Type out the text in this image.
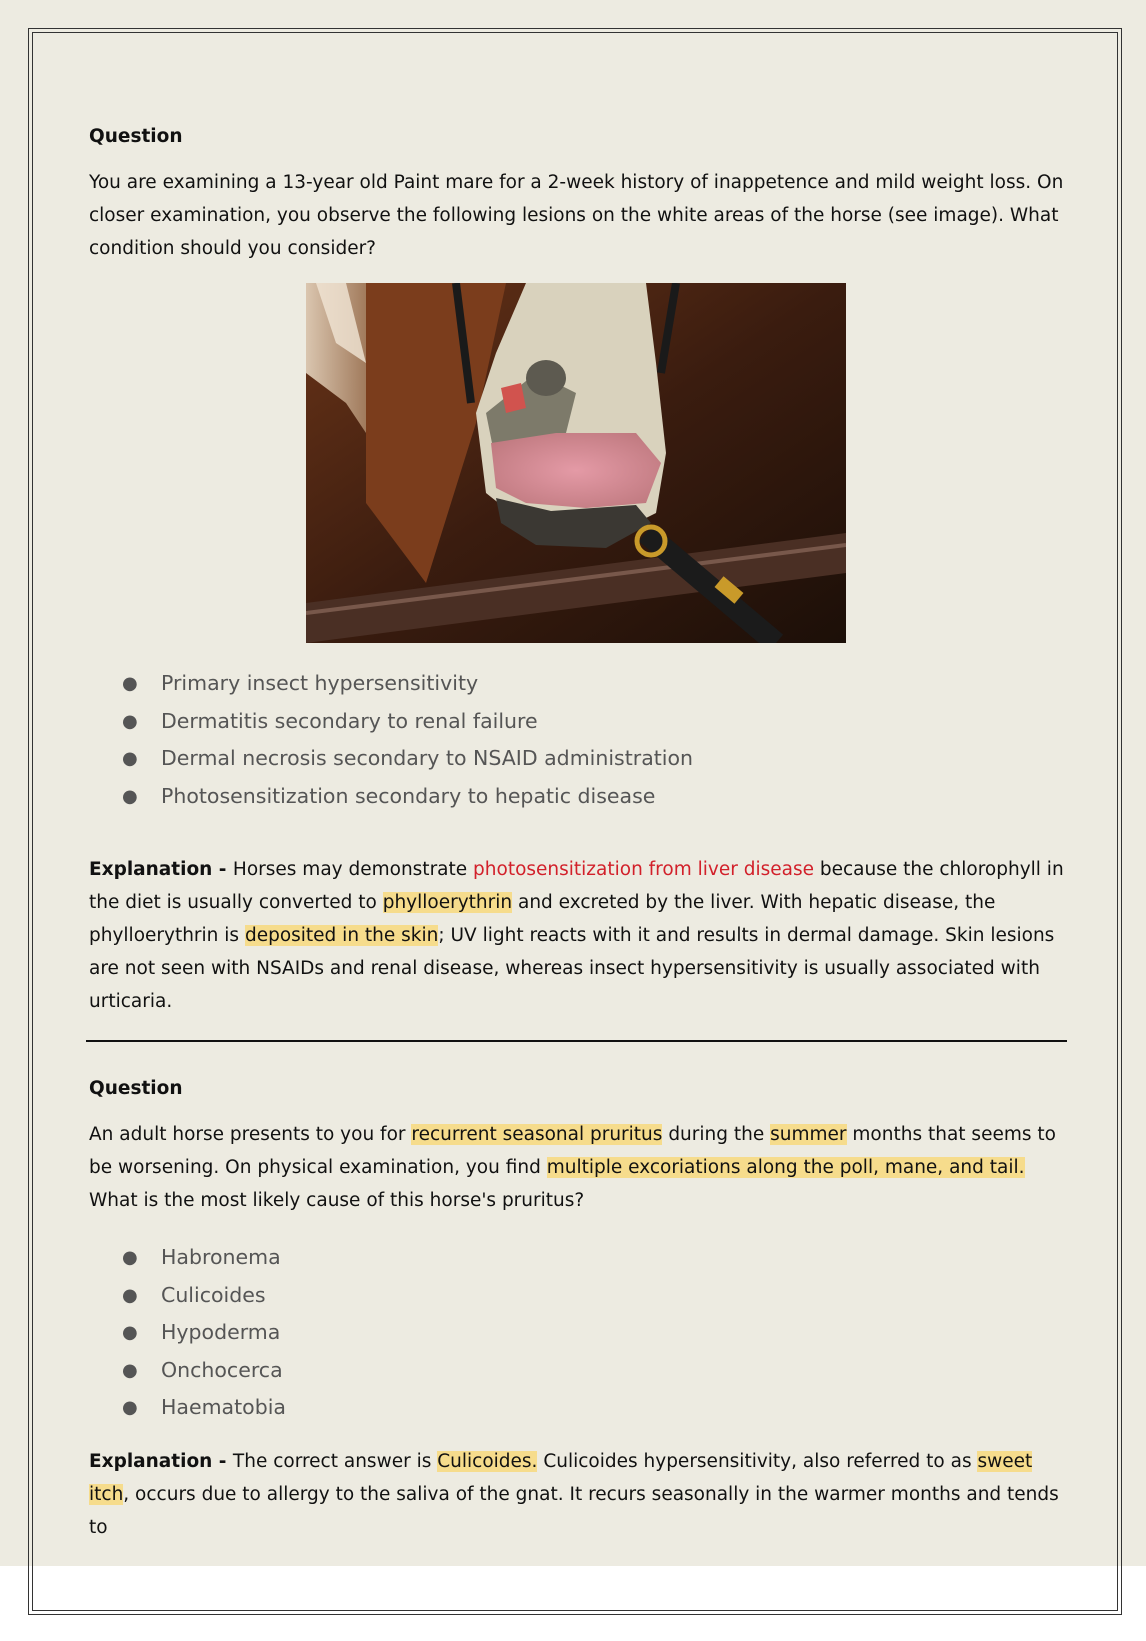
Question

You are examining a 13-year old Paint mare for a 2-week history of inappetence and mild weight loss. On closer examination, you observe the following lesions on the white areas of the horse (see image). What condition should you consider?

● Primary insect hypersensitivity
● Dermatitis secondary to renal failure
● Dermal necrosis secondary to NSAID administration
● Photosensitization secondary to hepatic disease

Explanation - Horses may demonstrate photosensitization from liver disease because the chlorophyll in the diet is usually converted to phylloerythrin and excreted by the liver. With hepatic disease, the phylloerythrin is deposited in the skin; UV light reacts with it and results in dermal damage. Skin lesions are not seen with NSAIDs and renal disease, whereas insect hypersensitivity is usually associated with urticaria.

Question

An adult horse presents to you for recurrent seasonal pruritus during the summer months that seems to be worsening. On physical examination, you find multiple excoriations along the poll, mane, and tail. What is the most likely cause of this horse's pruritus?

● Habronema
● Culicoides
● Hypoderma
● Onchocerca
● Haematobia

Explanation - The correct answer is Culicoides. Culicoides hypersensitivity, also referred to as sweet itch, occurs due to allergy to the saliva of the gnat. It recurs seasonally in the warmer months and tends to
